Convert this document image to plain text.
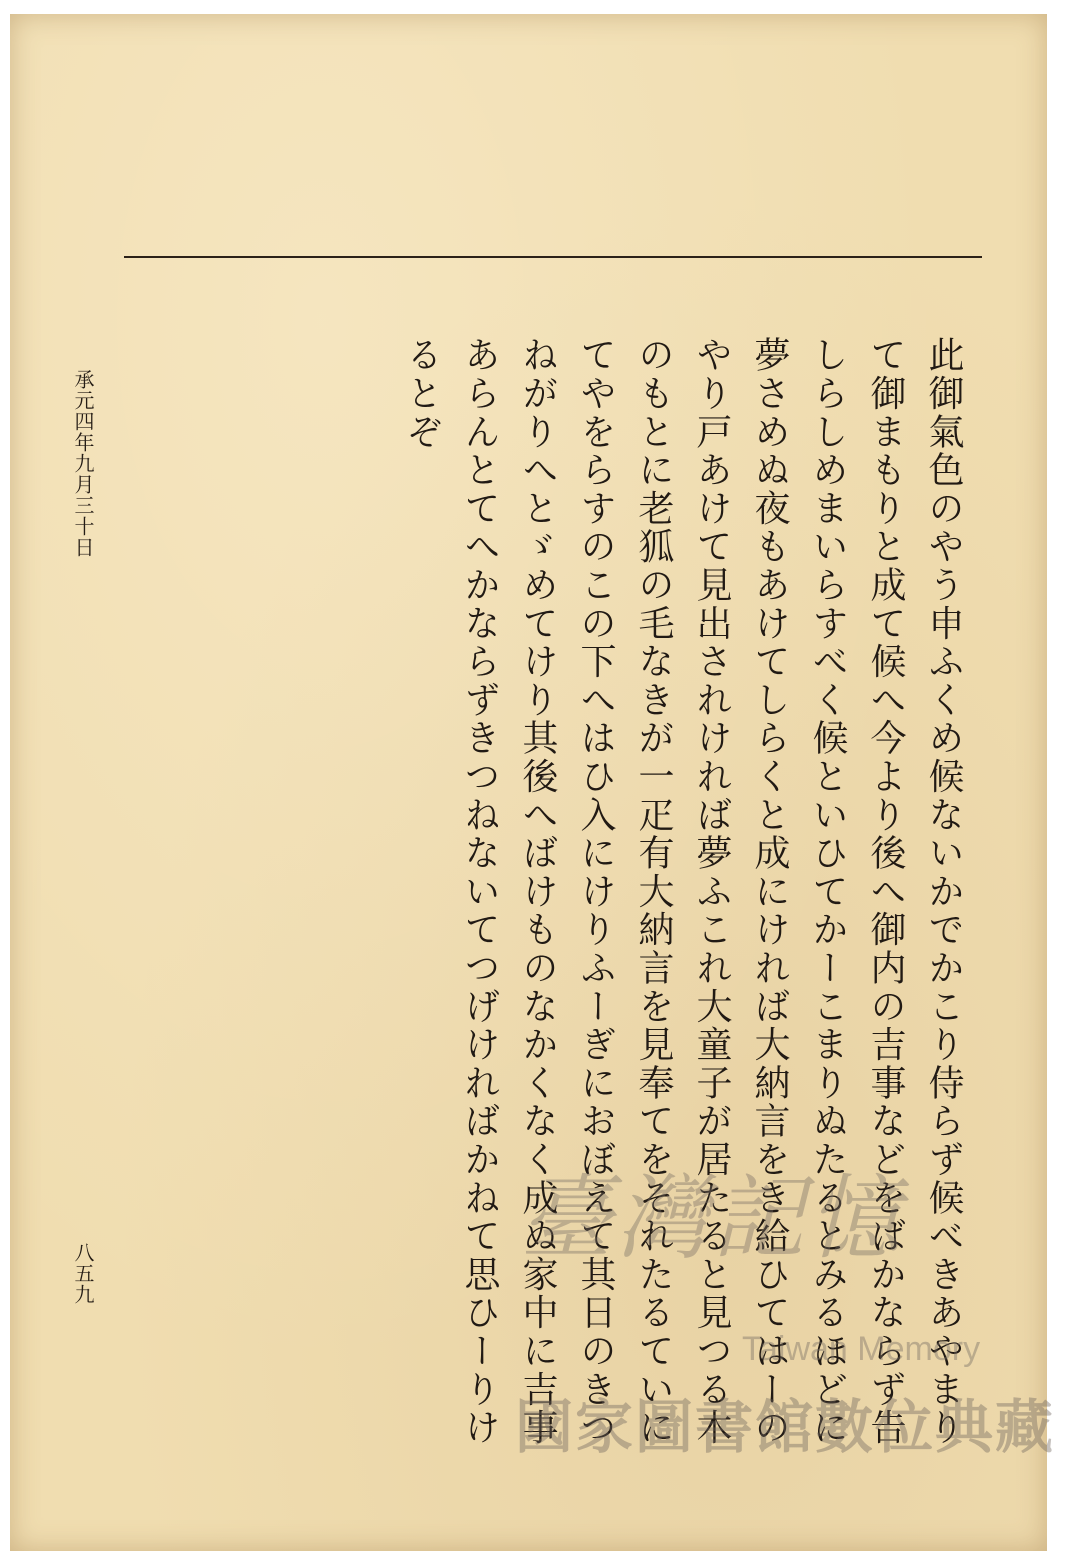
此御氣色のやう申ふくめ候ないかでかこり侍らず候べきあやまりて御まもりと成て候へ今より後へ御内の吉事などをばかならず告しらしめまいらすべく候といひてかーこまりぬたるとみるほどに夢さめぬ夜もあけてしらくと成にければ大納言をき給ひてはーのやり戸あけて見出されければ夢ふこれ大童子が居たると見つる木のもとに老狐の毛なきが一疋有大納言を見奉てをそれたるていにてやをらすのこの下へはひ入にけりふーぎにおぼえて其日のきつねがりへとゞめてけり其後へばけものなかくなく成ぬ家中に吉事あらんとてへかならずきつねないてつげければかねて思ひーりけるとぞ

承元四年九月三十日
八五九
臺灣記憶
Taiwan Memory
國家圖書館數位典藏
